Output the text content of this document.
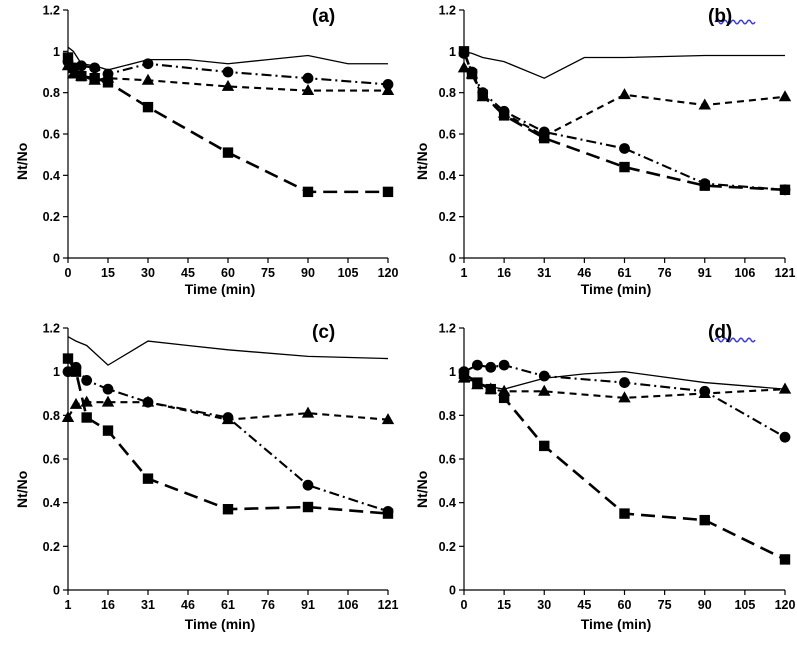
(a)
Nt/No
Time (min)
0
0.2
0.4
0.6
0.8
1
1.2
0 15 30 45 60 75 90 105 120
(b)
Nt/No
Time (min)
0
0.2
0.4
0.6
0.8
1
1.2
1 16 31 46 61 76 91 106 121
(c)
Nt/No
Time (min)
0
0.2
0.4
0.6
0.8
1
1.2
1 16 31 46 61 76 91 106 121
(d)
Nt/No
Time (min)
0
0.2
0.4
0.6
0.8
1
1.2
0 15 30 45 60 75 90 105 120
